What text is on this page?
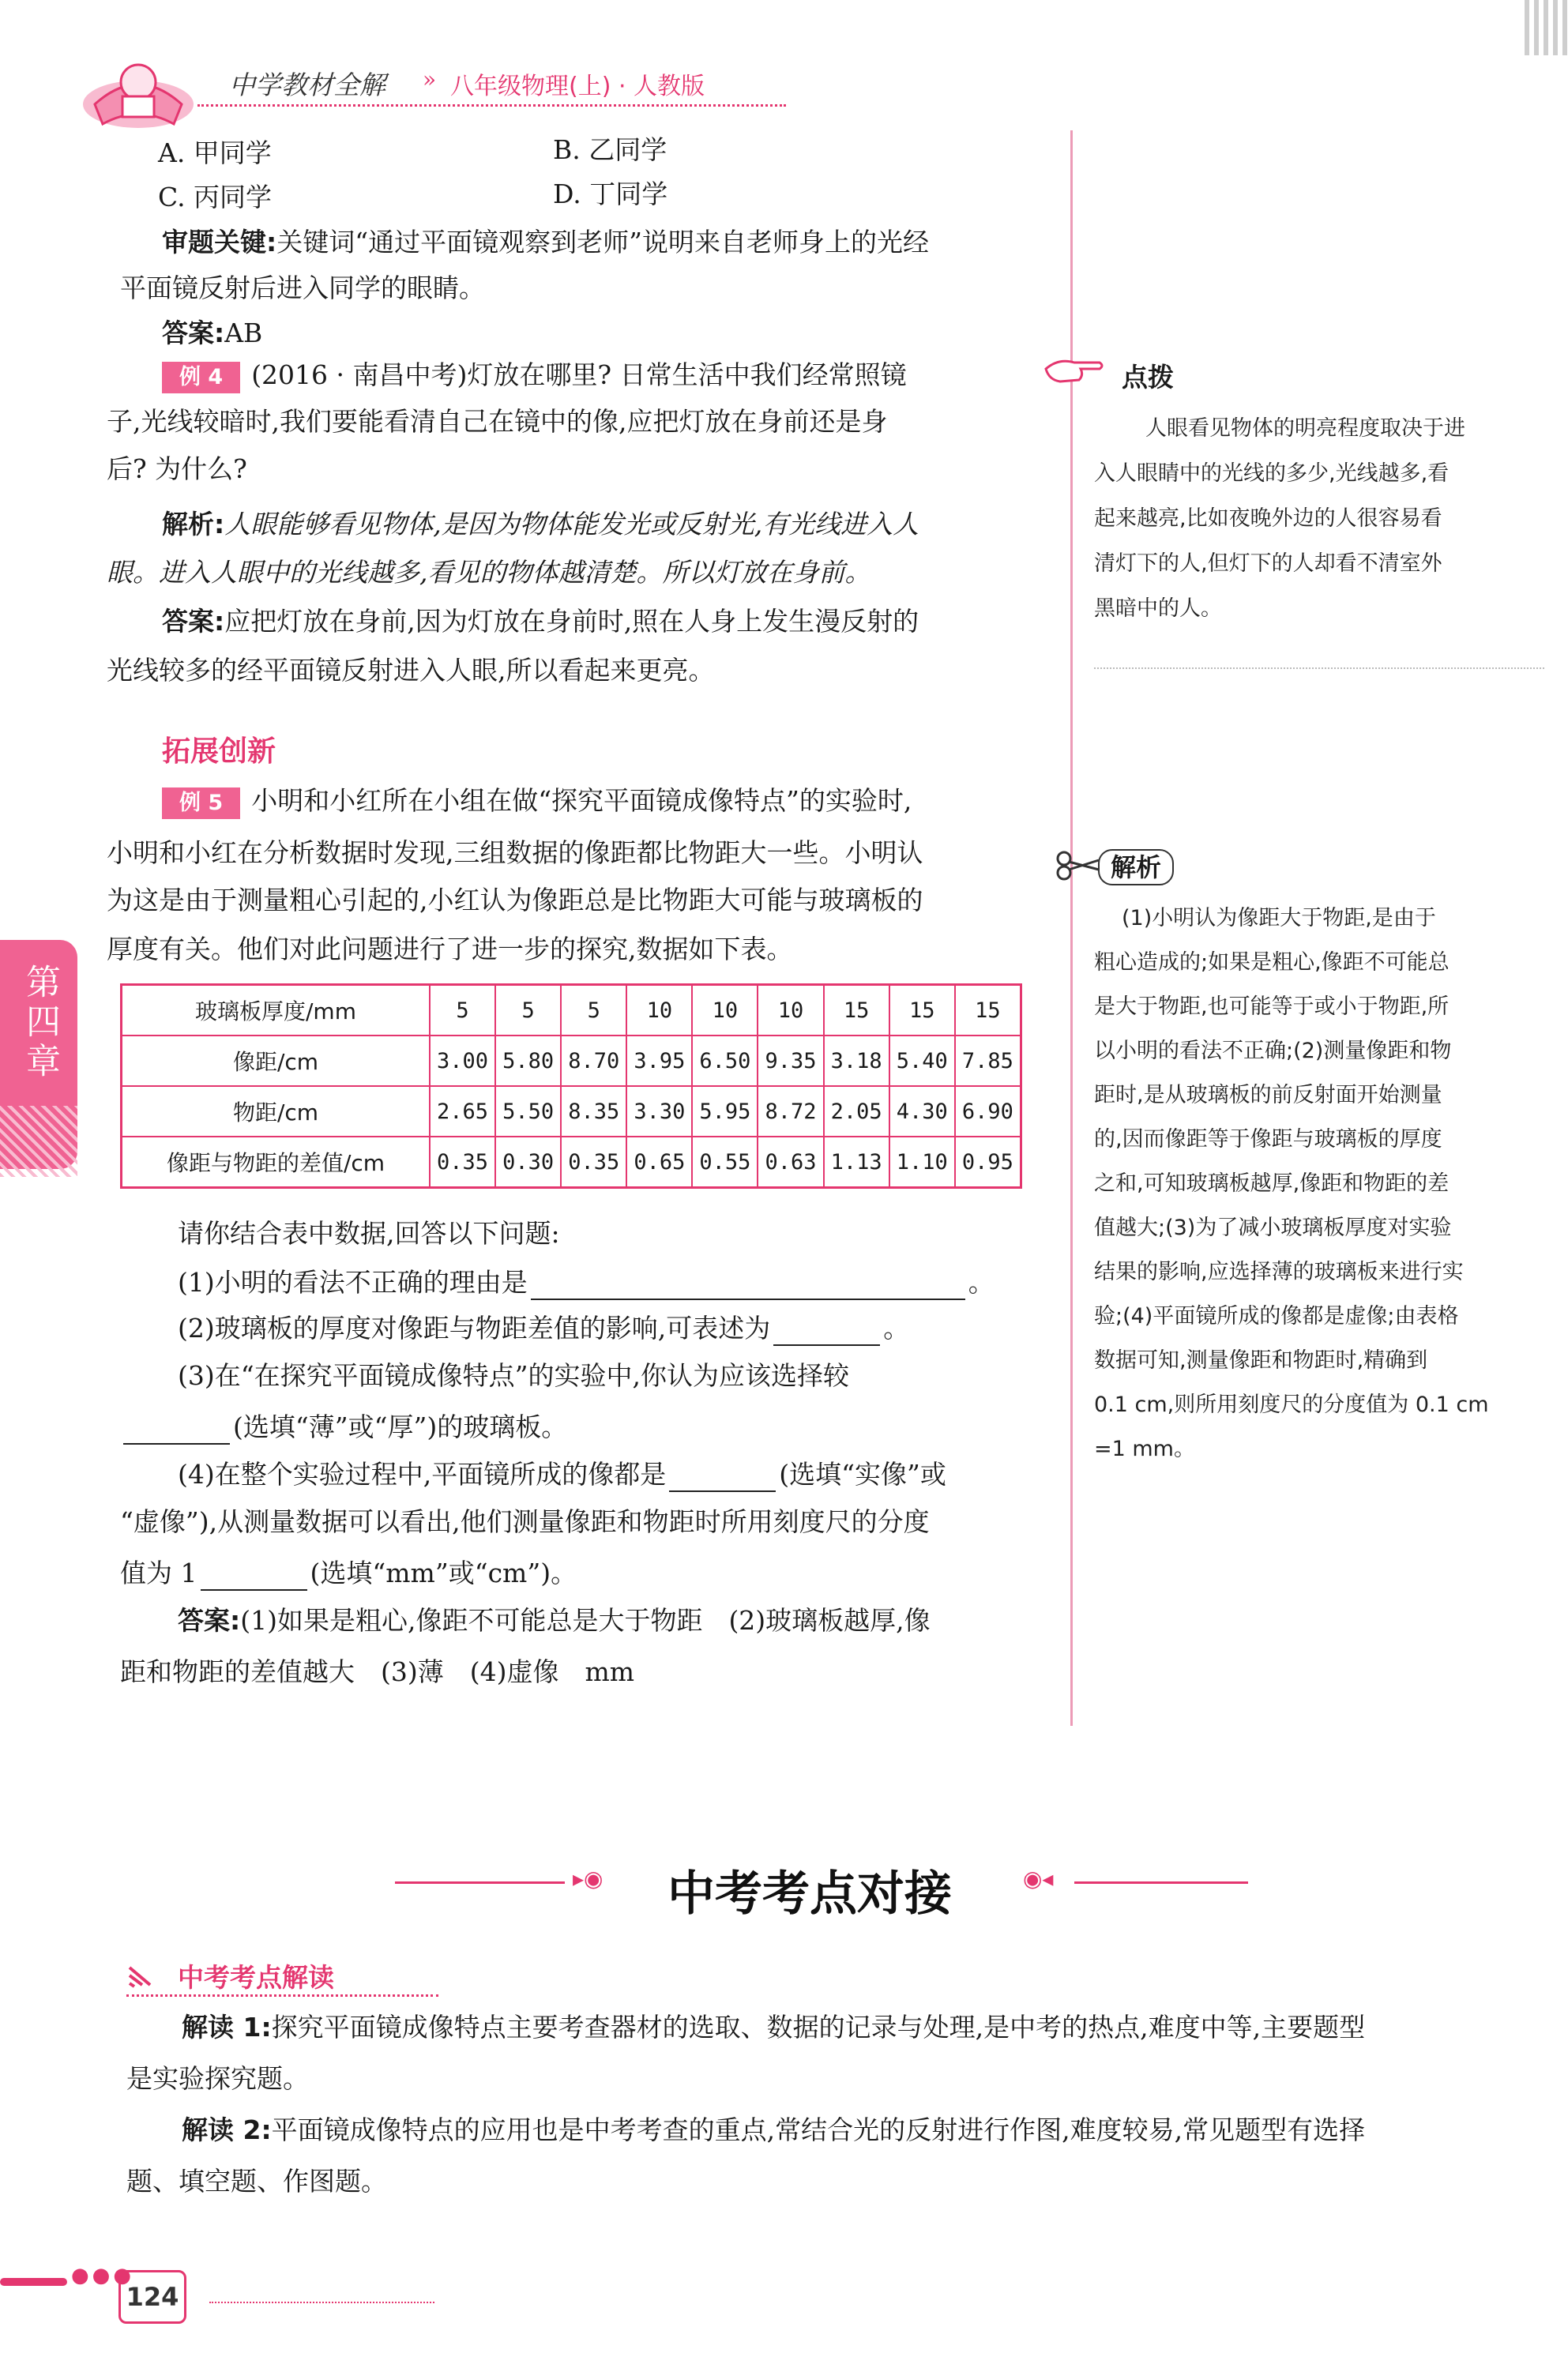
中学教材全解 » 八年级物理(上) · 人教版
A. 甲同学	B. 乙同学
C. 丙同学	D. 丁同学
审题关键:关键词“通过平面镜观察到老师”说明来自老师身上的光经
平面镜反射后进入同学的眼睛。
答案:AB
例 4 (2016 · 南昌中考)灯放在哪里? 日常生活中我们经常照镜
子,光线较暗时,我们要能看清自己在镜中的像,应把灯放在身前还是身
后? 为什么?
解析:人眼能够看见物体,是因为物体能发光或反射光,有光线进入人
眼。进入人眼中的光线越多,看见的物体越清楚。所以灯放在身前。
答案:应把灯放在身前,因为灯放在身前时,照在人身上发生漫反射的
光线较多的经平面镜反射进入人眼,所以看起来更亮。
点拨
人眼看见物体的明亮程度取决于进
入人眼睛中的光线的多少,光线越多,看
起来越亮,比如夜晚外边的人很容易看
清灯下的人,但灯下的人却看不清室外
黑暗中的人。
拓展创新
例 5 小明和小红所在小组在做“探究平面镜成像特点”的实验时,
小明和小红在分析数据时发现,三组数据的像距都比物距大一些。小明认
为这是由于测量粗心引起的,小红认为像距总是比物距大可能与玻璃板的
厚度有关。他们对此问题进行了进一步的探究,数据如下表。
玻璃板厚度/mm	5	5	5	10	10	10	15	15	15
像距/cm	3.00	5.80	8.70	3.95	6.50	9.35	3.18	5.40	7.85
物距/cm	2.65	5.50	8.35	3.30	5.95	8.72	2.05	4.30	6.90
像距与物距的差值/cm	0.35	0.30	0.35	0.65	0.55	0.63	1.13	1.10	0.95
请你结合表中数据,回答以下问题:
(1)小明的看法不正确的理由是	。
(2)玻璃板的厚度对像距与物距差值的影响,可表述为	。
(3)在“在探究平面镜成像特点”的实验中,你认为应该选择较
(选填“薄”或“厚”)的玻璃板。
(4)在整个实验过程中,平面镜所成的像都是	(选填“实像”或
“虚像”),从测量数据可以看出,他们测量像距和物距时所用刻度尺的分度
值为 1	(选填“mm”或“cm”)。
答案:(1)如果是粗心,像距不可能总是大于物距　(2)玻璃板越厚,像
距和物距的差值越大　(3)薄　(4)虚像　mm
解析
(1)小明认为像距大于物距,是由于
粗心造成的;如果是粗心,像距不可能总
是大于物距,也可能等于或小于物距,所
以小明的看法不正确;(2)测量像距和物
距时,是从玻璃板的前反射面开始测量
的,因而像距等于像距与玻璃板的厚度
之和,可知玻璃板越厚,像距和物距的差
值越大;(3)为了减小玻璃板厚度对实验
结果的影响,应选择薄的玻璃板来进行实
验;(4)平面镜所成的像都是虚像;由表格
数据可知,测量像距和物距时,精确到
0.1 cm,则所用刻度尺的分度值为 0.1 cm
=1 mm。
第四章
▸◉ 中考考点对接	◉◂
中考考点解读
解读 1:探究平面镜成像特点主要考查器材的选取、数据的记录与处理,是中考的热点,难度中等,主要题型
是实验探究题。
解读 2:平面镜成像特点的应用也是中考考查的重点,常结合光的反射进行作图,难度较易,常见题型有选择
题、填空题、作图题。
●●●
124
